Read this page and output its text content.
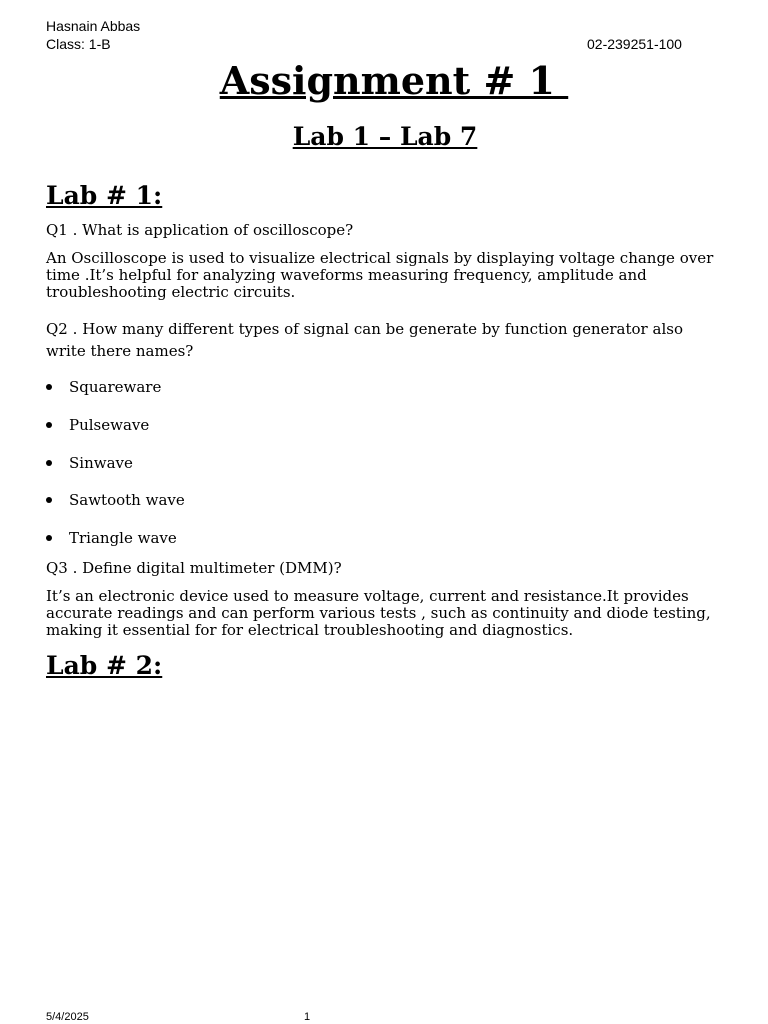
Hasnain Abbas
Class: 1-B	02-239251-100
Assignment # 1
Lab 1 – Lab 7
Lab # 1:
Q1 . What is application of oscilloscope?
An Oscilloscope is used to visualize electrical signals by displaying voltage change over time .It’s helpful for analyzing waveforms measuring frequency, amplitude and troubleshooting electric circuits.
Q2 . How many different types of signal can be generate by function generator also write there names?
Squareware
Pulsewave
Sinwave
Sawtooth wave
Triangle wave
Q3 . Define digital multimeter (DMM)?
It’s an electronic device used to measure voltage, current and resistance.It provides accurate readings and can perform various tests , such as continuity and diode testing, making it essential for for electrical troubleshooting and diagnostics.
Lab # 2:
5/4/2025	1
